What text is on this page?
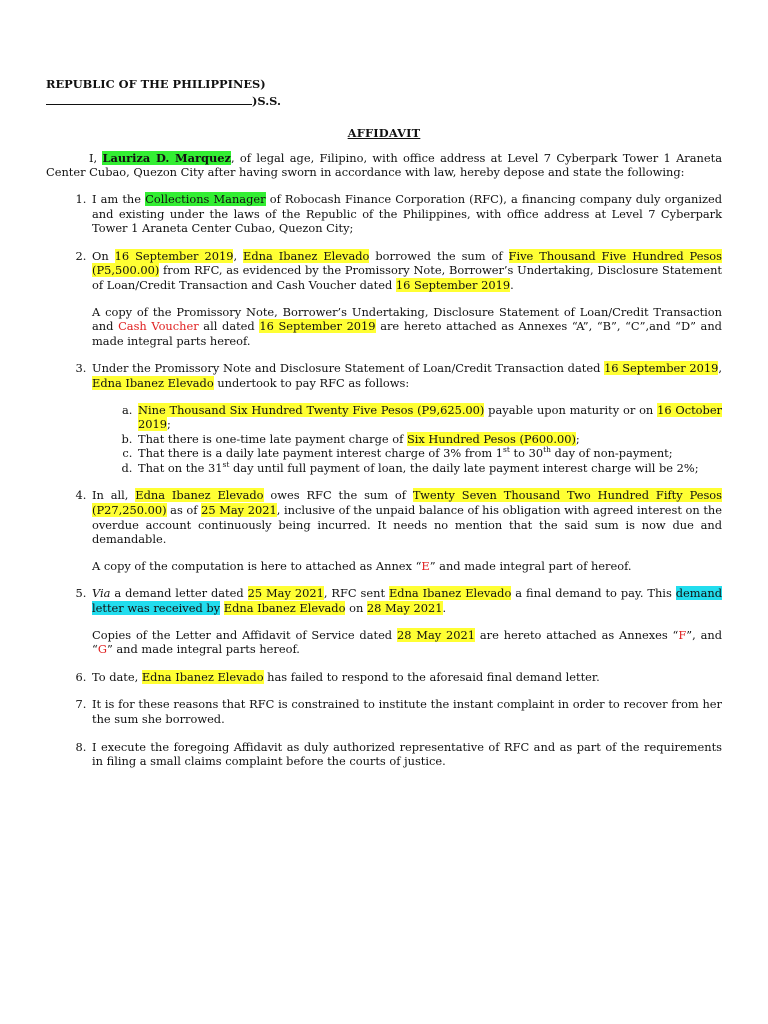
REPUBLIC OF THE PHILIPPINES)
)S.S.
AFFIDAVIT
I, Lauriza D. Marquez, of legal age, Filipino, with office address at Level 7 Cyberpark Tower 1 Araneta Center Cubao, Quezon City after having sworn in accordance with law, hereby depose and state the following:
1. I am the Collections Manager of Robocash Finance Corporation (RFC), a financing company duly organized and existing under the laws of the Republic of the Philippines, with office address at Level 7 Cyberpark Tower 1 Araneta Center Cubao, Quezon City;
2. On 16 September 2019, Edna Ibanez Elevado borrowed the sum of Five Thousand Five Hundred Pesos (P5,500.00) from RFC, as evidenced by the Promissory Note, Borrower’s Undertaking, Disclosure Statement of Loan/Credit Transaction and Cash Voucher dated 16 September 2019.
A copy of the Promissory Note, Borrower’s Undertaking, Disclosure Statement of Loan/Credit Transaction and Cash Voucher all dated 16 September 2019 are hereto attached as Annexes “A”, “B”, “C”,and “D” and made integral parts hereof.
3. Under the Promissory Note and Disclosure Statement of Loan/Credit Transaction dated 16 September 2019, Edna Ibanez Elevado undertook to pay RFC as follows:
a. Nine Thousand Six Hundred Twenty Five Pesos (P9,625.00) payable upon maturity or on 16 October 2019;
b. That there is one-time late payment charge of Six Hundred Pesos (P600.00);
c. That there is a daily late payment interest charge of 3% from 1st to 30th day of non-payment;
d. That on the 31st day until full payment of loan, the daily late payment interest charge will be 2%;
4. In all, Edna Ibanez Elevado owes RFC the sum of Twenty Seven Thousand Two Hundred Fifty Pesos (P27,250.00) as of 25 May 2021, inclusive of the unpaid balance of his obligation with agreed interest on the overdue account continuously being incurred. It needs no mention that the said sum is now due and demandable.
A copy of the computation is here to attached as Annex “E” and made integral part of hereof.
5. Via a demand letter dated 25 May 2021, RFC sent Edna Ibanez Elevado a final demand to pay. This demand letter was received by Edna Ibanez Elevado on 28 May 2021.
Copies of the Letter and Affidavit of Service dated 28 May 2021 are hereto attached as Annexes “F”, and “G” and made integral parts hereof.
6. To date, Edna Ibanez Elevado has failed to respond to the aforesaid final demand letter.
7. It is for these reasons that RFC is constrained to institute the instant complaint in order to recover from her the sum she borrowed.
8. I execute the foregoing Affidavit as duly authorized representative of RFC and as part of the requirements in filing a small claims complaint before the courts of justice.
